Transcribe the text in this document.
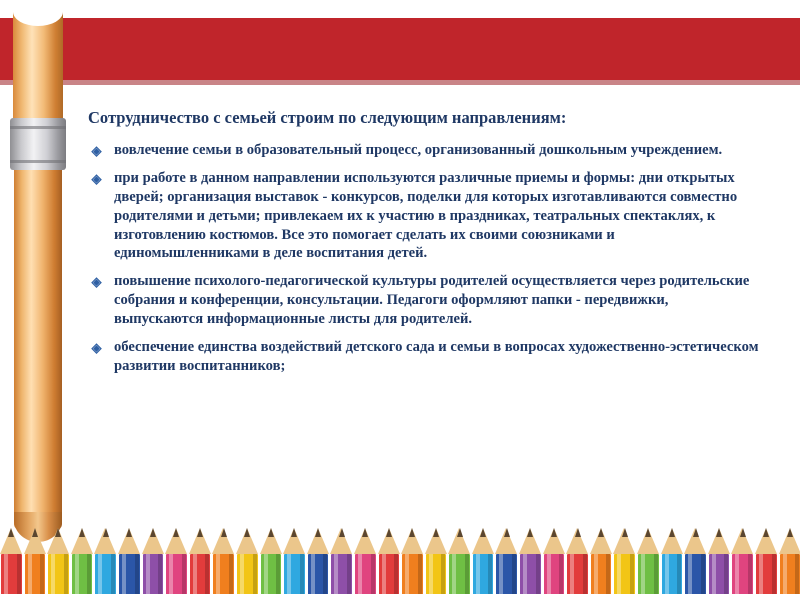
Сотрудничество с семьей строим по следующим направлениям:

◈ вовлечение семьи в образовательный процесс, организованный дошкольным учреждением.
◈ при работе в данном направлении используются различные приемы и формы: дни открытых дверей; организация выставок - конкурсов, поделки для которых изготавливаются совместно родителями и детьми; привлекаем их к участию в праздниках, театральных спектаклях, к изготовлению костюмов. Все это помогает сделать их своими союзниками и единомышленниками в деле воспитания детей.
◈ повышение психолого-педагогической культуры родителей осуществляется через родительские собрания и конференции, консультации. Педагоги оформляют папки - передвижки, выпускаются информационные листы для родителей.
◈ обеспечение единства воздействий детского сада и семьи в вопросах художественно-эстетическом развитии воспитанников;
